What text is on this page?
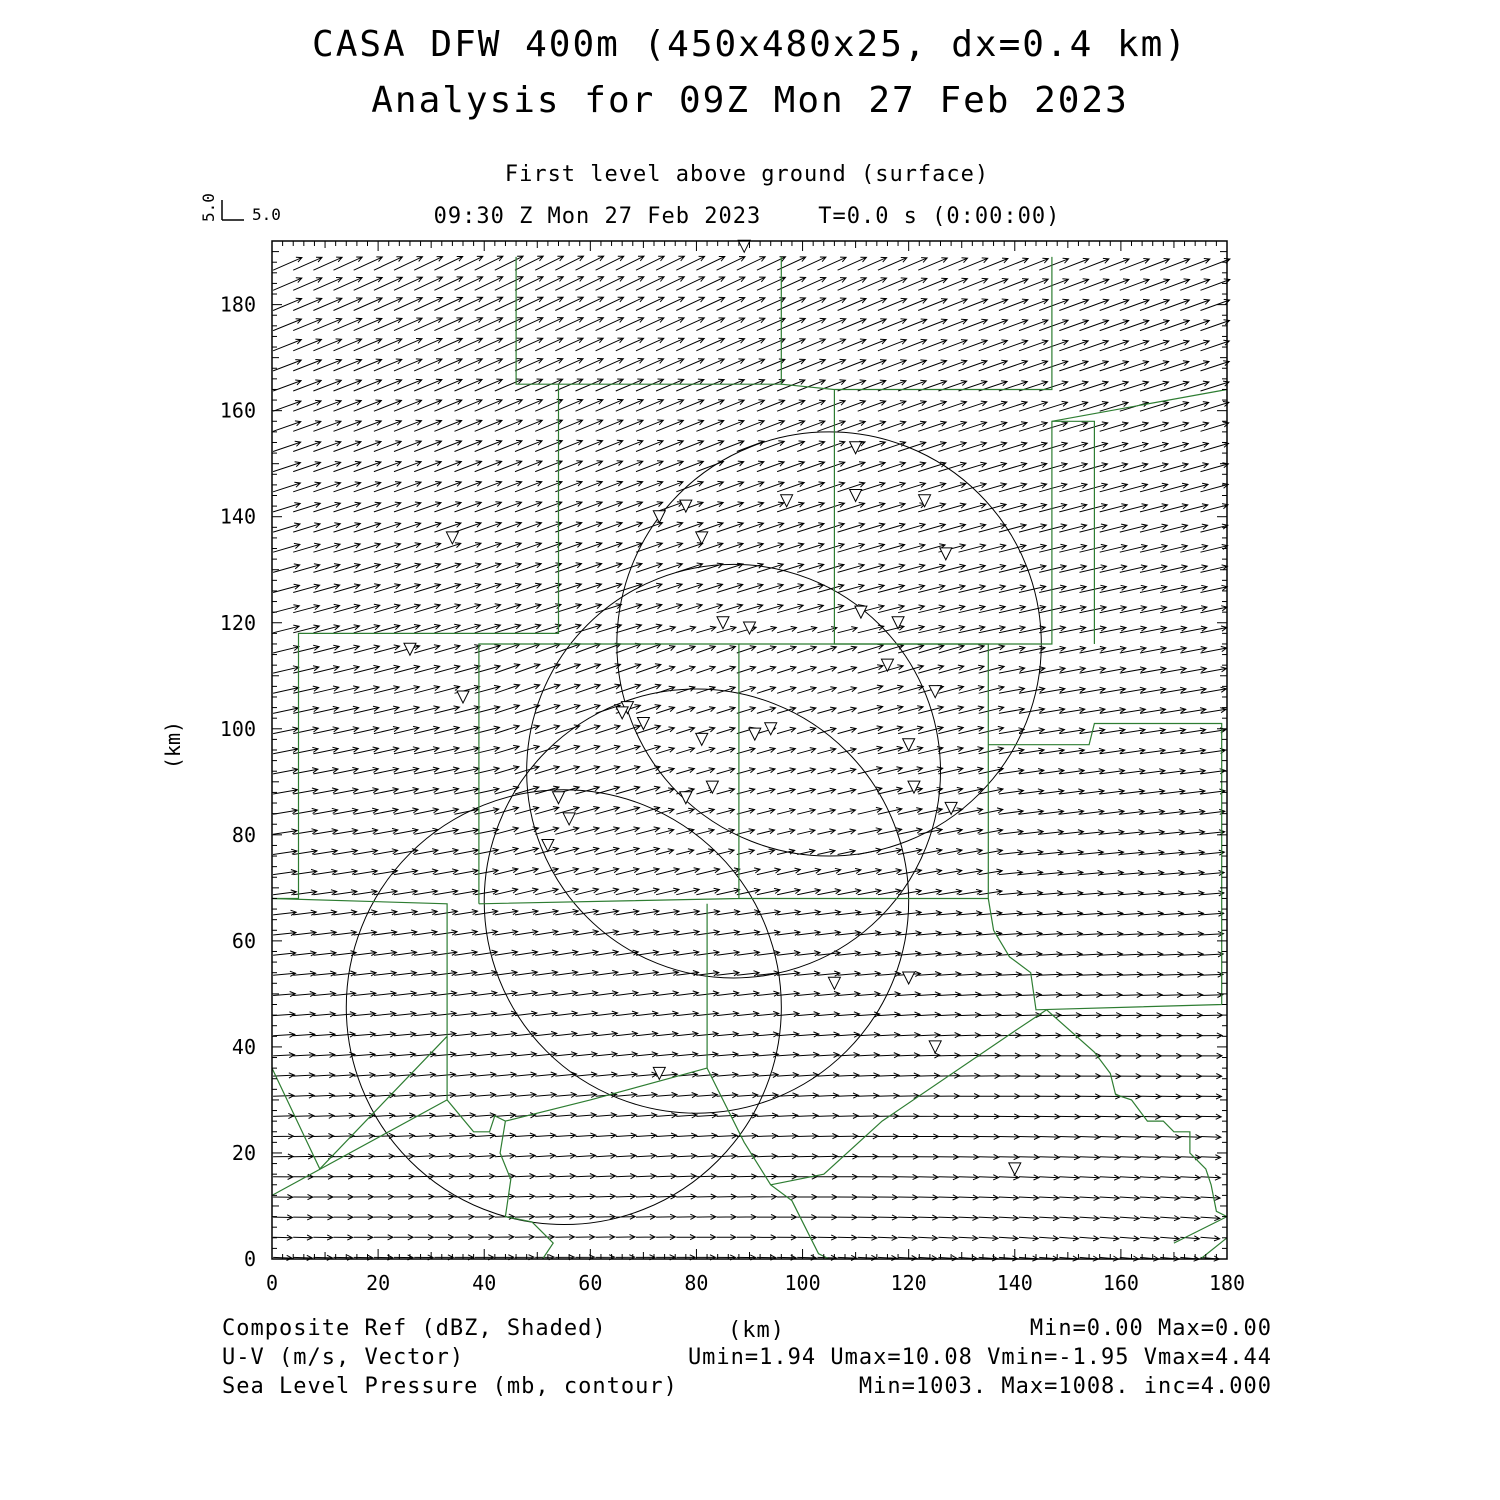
CASA DFW 400m (450x480x25, dx=0.4 km)
Analysis for 09Z Mon 27 Feb 2023
First level above ground (surface)
09:30 Z Mon 27 Feb 2023    T=0.0 s (0:00:00)
0	20	40	60	80	100	120	140	160	180
0
20
40
60
80
100
120
140
160
180
5.0 5.0
(km)
Composite Ref (dBZ, Shaded)	(km)	Min=0.00 Max=0.00
U-V (m/s, Vector)	Umin=1.94 Umax=10.08 Vmin=-1.95 Vmax=4.44
Sea Level Pressure (mb, contour)	Min=1003. Max=1008. inc=4.000
